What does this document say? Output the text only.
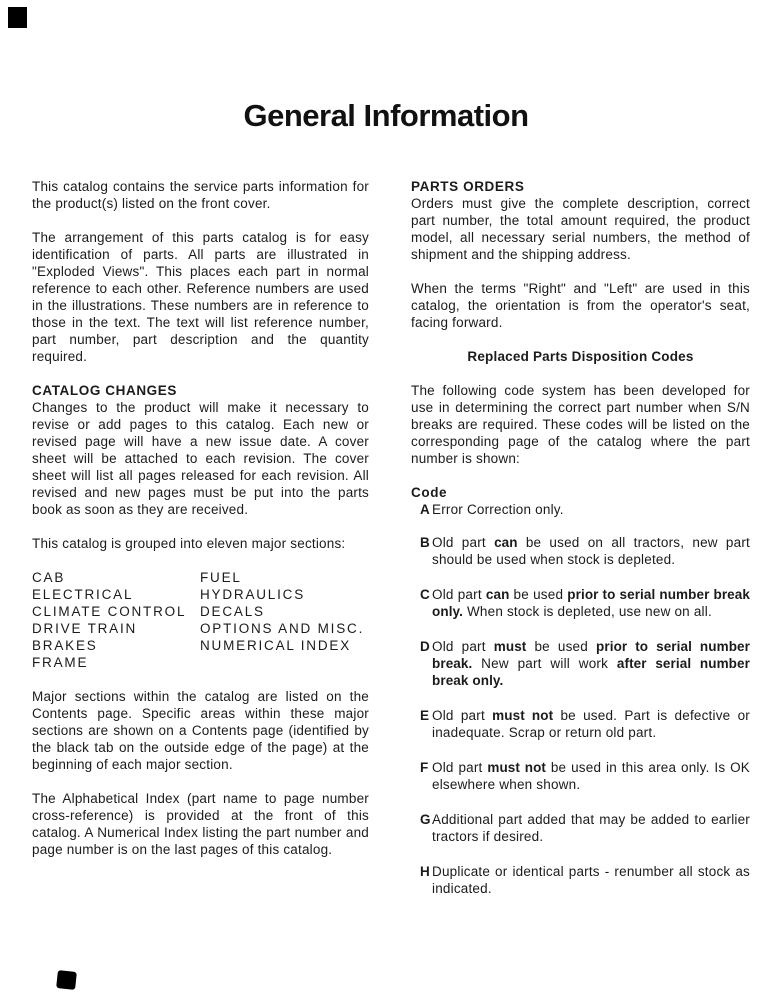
General Information

This catalog contains the service parts information for the product(s) listed on the front cover.

The arrangement of this parts catalog is for easy identification of parts. All parts are illustrated in "Exploded Views". This places each part in normal reference to each other. Reference numbers are used in the illustrations. These numbers are in reference to those in the text. The text will list reference number, part number, part description and the quantity required.

CATALOG CHANGES

Changes to the product will make it necessary to revise or add pages to this catalog. Each new or revised page will have a new issue date. A cover sheet will be attached to each revision. The cover sheet will list all pages released for each revision. All revised and new pages must be put into the parts book as soon as they are received.

This catalog is grouped into eleven major sections:

CAB	FUEL
ELECTRICAL	HYDRAULICS
CLIMATE CONTROL	DECALS
DRIVE TRAIN	OPTIONS AND MISC.
BRAKES	NUMERICAL INDEX
FRAME

Major sections within the catalog are listed on the Contents page. Specific areas within these major sections are shown on a Contents page (identified by the black tab on the outside edge of the page) at the beginning of each major section.

The Alphabetical Index (part name to page number cross-reference) is provided at the front of this catalog. A Numerical Index listing the part number and page number is on the last pages of this catalog.

PARTS ORDERS

Orders must give the complete description, correct part number, the total amount required, the product model, all necessary serial numbers, the method of shipment and the shipping address.

When the terms "Right" and "Left" are used in this catalog, the orientation is from the operator's seat, facing forward.

Replaced Parts Disposition Codes

The following code system has been developed for use in determining the correct part number when S/N breaks are required. These codes will be listed on the corresponding page of the catalog where the part number is shown:

Code
A Error Correction only.
B Old part can be used on all tractors, new part should be used when stock is depleted.
C Old part can be used prior to serial number break only. When stock is depleted, use new on all.
D Old part must be used prior to serial number break. New part will work after serial number break only.
E Old part must not be used. Part is defective or inadequate. Scrap or return old part.
F Old part must not be used in this area only. Is OK elsewhere when shown.
G Additional part added that may be added to earlier tractors if desired.
H Duplicate or identical parts - renumber all stock as indicated.
